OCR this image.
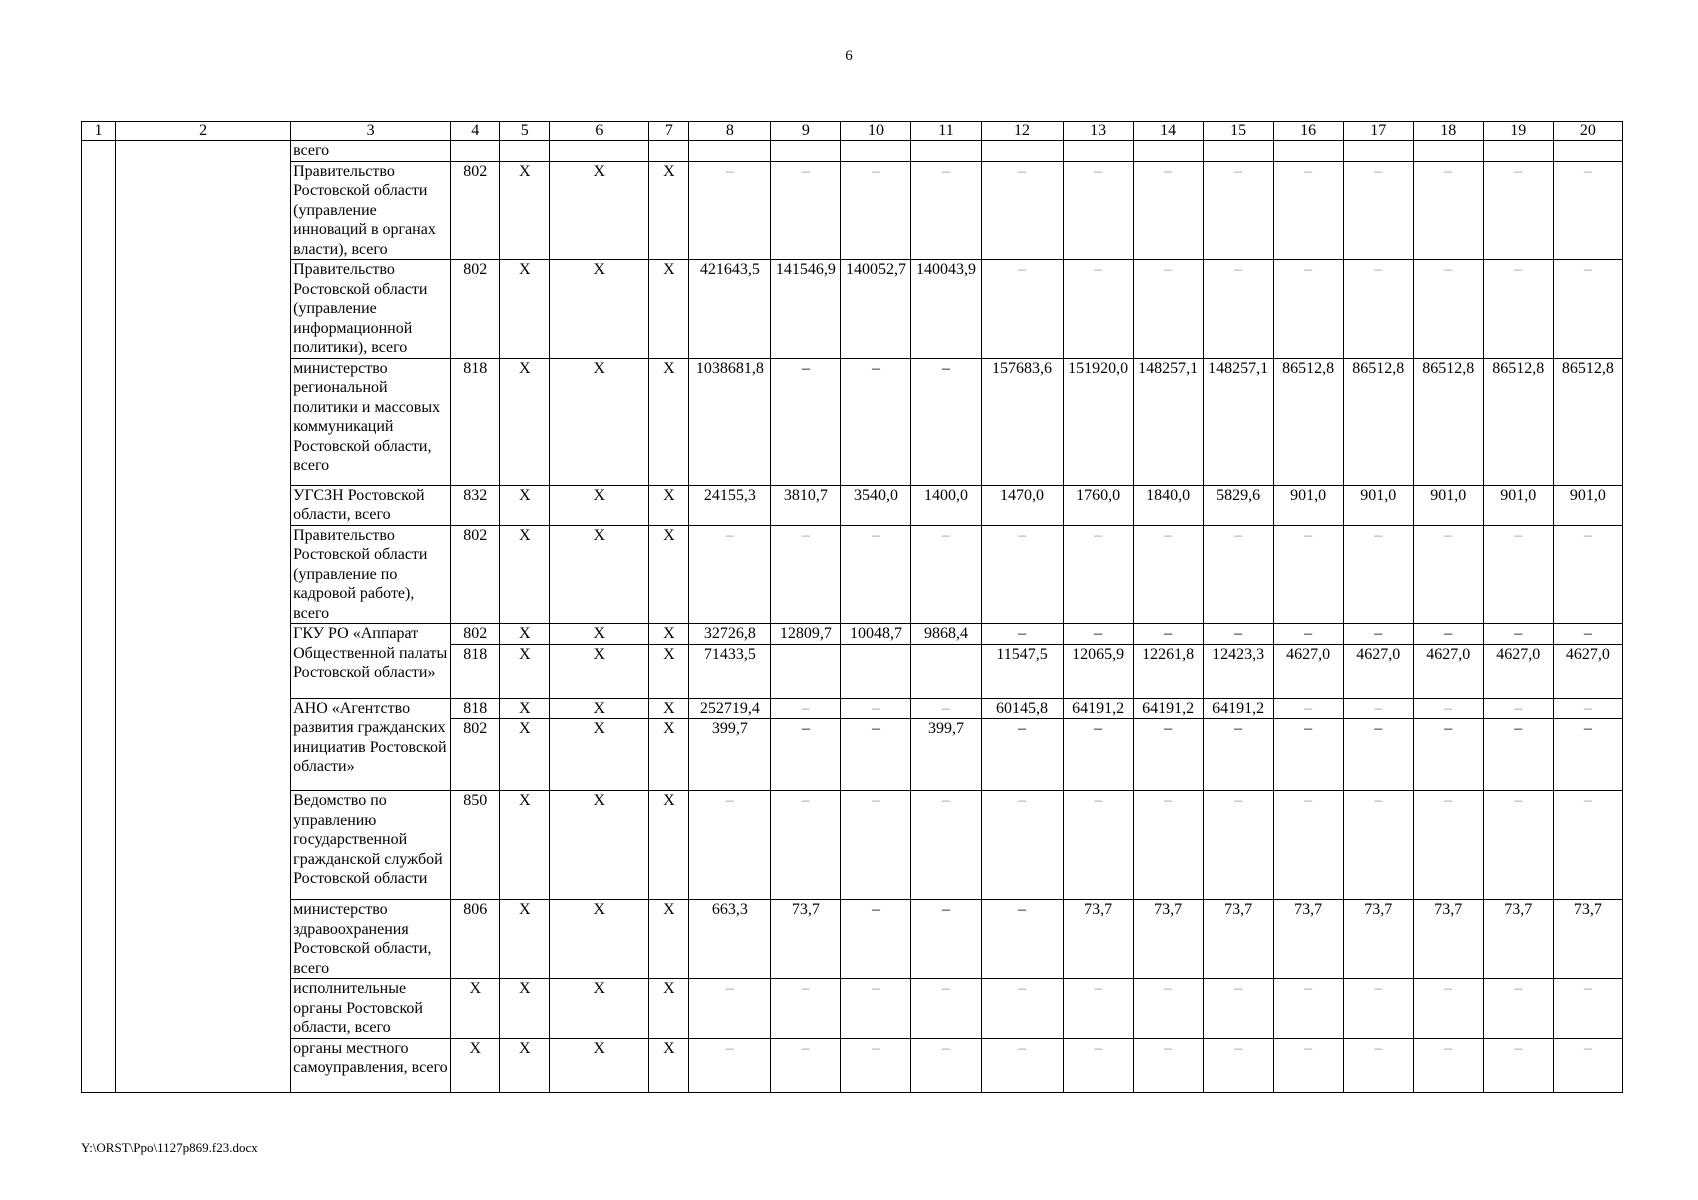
6
1	2	3	4	5	6	7	8	9	10	11	12	13	14	15	16	17	18	19	20
		всего																	
		Правительство Ростовской области (управление инноваций в органах власти), всего	802	X	X	X	–	–	–	–	–	–	–	–	–	–	–	–	–
		Правительство Ростовской области (управление информационной политики), всего	802	X	X	X	421643,5	141546,9	140052,7	140043,9	–	–	–	–	–	–	–	–	–
		министерство региональной политики и массовых коммуникаций Ростовской области, всего	818	X	X	X	1038681,8	–	–	–	157683,6	151920,0	148257,1	148257,1	86512,8	86512,8	86512,8	86512,8	86512,8
		УГСЗН Ростовской области, всего	832	X	X	X	24155,3	3810,7	3540,0	1400,0	1470,0	1760,0	1840,0	5829,6	901,0	901,0	901,0	901,0	901,0
		Правительство Ростовской области (управление по кадровой работе), всего	802	X	X	X	–	–	–	–	–	–	–	–	–	–	–	–	–
		ГКУ РО «Аппарат Общественной палаты Ростовской области»	802	X	X	X	32726,8	12809,7	10048,7	9868,4	–	–	–	–	–	–	–	–	–
			818	X	X	X	71433,5				11547,5	12065,9	12261,8	12423,3	4627,0	4627,0	4627,0	4627,0	4627,0
		АНО «Агентство развития гражданских инициатив Ростовской области»	818	X	X	X	252719,4	–	–	–	60145,8	64191,2	64191,2	64191,2	–	–	–	–	–
			802	X	X	X	399,7	–	–	399,7	–	–	–	–	–	–	–	–	–
		Ведомство по управлению государственной гражданской службой Ростовской области	850	X	X	X	–	–	–	–	–	–	–	–	–	–	–	–	–
		министерство здравоохранения Ростовской области, всего	806	X	X	X	663,3	73,7	–	–	–	73,7	73,7	73,7	73,7	73,7	73,7	73,7	73,7
		исполнительные органы Ростовской области, всего	X	X	X	X	–	–	–	–	–	–	–	–	–	–	–	–	–
		органы местного самоуправления, всего	X	X	X	X	–	–	–	–	–	–	–	–	–	–	–	–	–
Y:\ORST\Ppo\1127p869.f23.docx
